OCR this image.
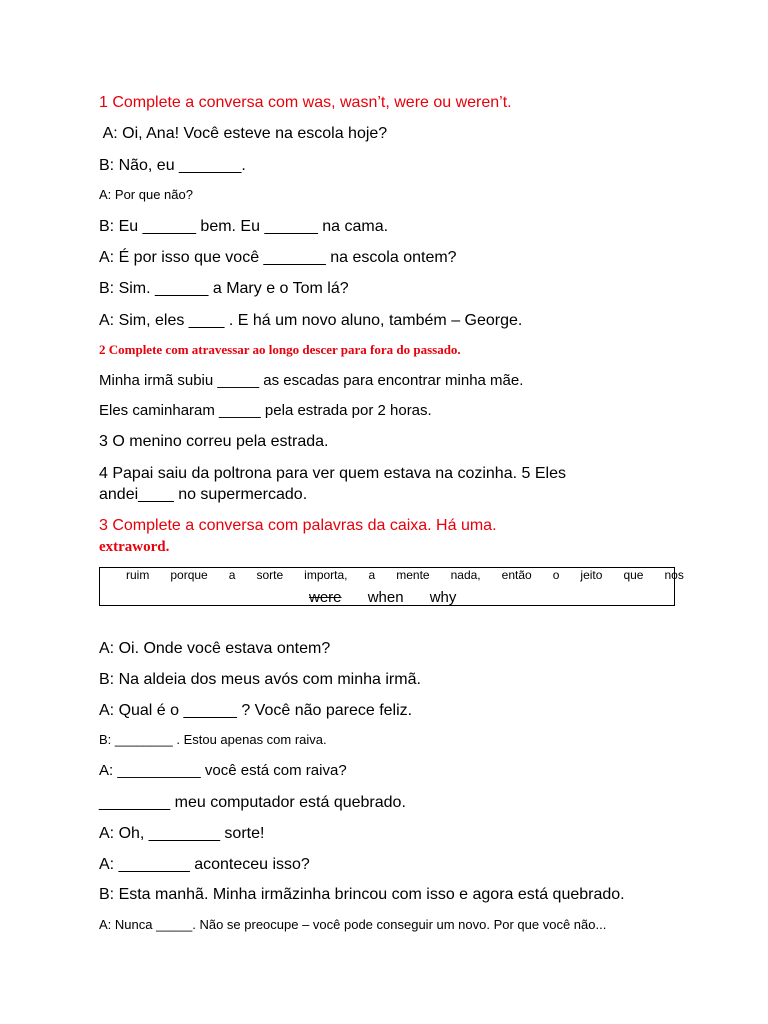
1 Complete a conversa com was, wasn’t, were ou weren’t.
A: Oi, Ana! Você esteve na escola hoje?
B: Não, eu _______.
A: Por que não?
B: Eu ______ bem. Eu ______ na cama.
A: É por isso que você _______ na escola ontem?
B: Sim. ______ a Mary e o Tom lá?
A: Sim, eles ____ . E há um novo aluno, também – George.
2 Complete com atravessar ao longo descer para fora do passado.
Minha irmã subiu _____ as escadas para encontrar minha mãe.
Eles caminharam _____ pela estrada por 2 horas.
3 O menino correu pela estrada.
4 Papai saiu da poltrona para ver quem estava na cozinha. 5 Eles
andei____ no supermercado.
3 Complete a conversa com palavras da caixa. Há uma.
extraword.
ruim porque a sorte importa, a mente nada, então o jeito que nos
were when why
A: Oi. Onde você estava ontem?
B: Na aldeia dos meus avós com minha irmã.
A: Qual é o ______ ? Você não parece feliz.
B: ________ . Estou apenas com raiva.
A: __________ você está com raiva?
________ meu computador está quebrado.
A: Oh, ________ sorte!
A: ________ aconteceu isso?
B: Esta manhã. Minha irmãzinha brincou com isso e agora está quebrado.
A: Nunca _____. Não se preocupe – você pode conseguir um novo. Por que você não...
